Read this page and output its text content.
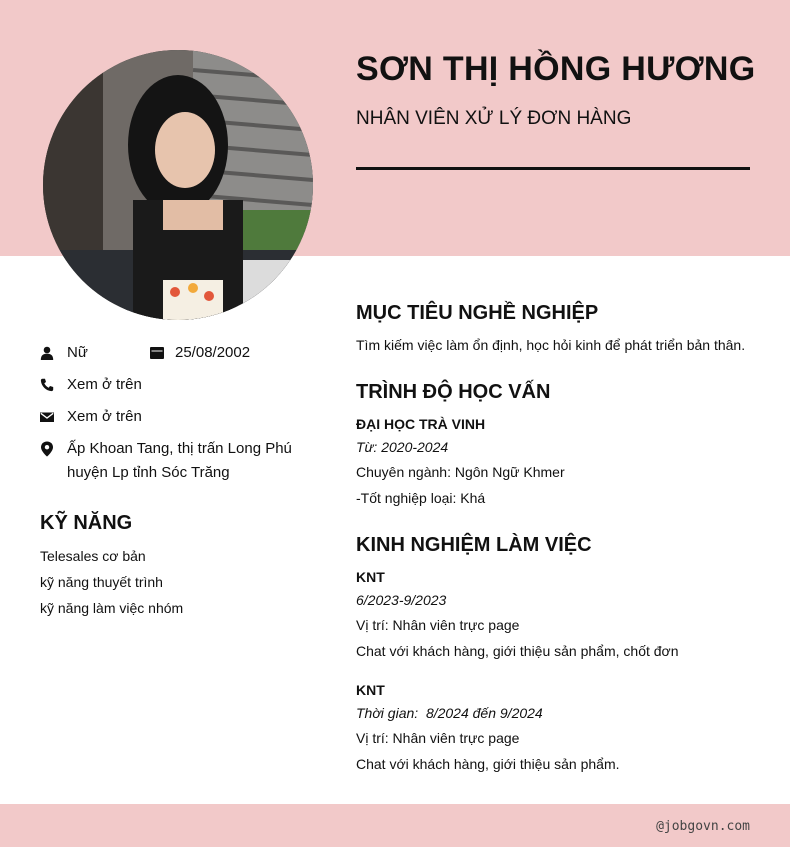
SƠN THỊ HỒNG HƯƠNG
NHÂN VIÊN XỬ LÝ ĐƠN HÀNG
Nữ	25/08/2002
Xem ở trên
Xem ở trên
Ấp Khoan Tang, thị trấn Long Phú
huyện Lp tỉnh Sóc Trăng
KỸ NĂNG
Telesales cơ bản
kỹ năng thuyết trình
kỹ năng làm việc nhóm
MỤC TIÊU NGHỀ NGHIỆP
Tìm kiếm việc làm ổn định, học hỏi kinh để phát triển bản thân.
TRÌNH ĐỘ HỌC VẤN
ĐẠI HỌC TRÀ VINH
Từ: 2020-2024
Chuyên ngành: Ngôn Ngữ Khmer
-Tốt nghiệp loại: Khá
KINH NGHIỆM LÀM VIỆC
KNT
6/2023-9/2023
Vị trí: Nhân viên trực page
Chat với khách hàng, giới thiệu sản phẩm, chốt đơn
KNT
Thời gian:  8/2024 đến 9/2024
Vị trí: Nhân viên trực page
Chat với khách hàng, giới thiệu sản phẩm.
@jobgovn.com
